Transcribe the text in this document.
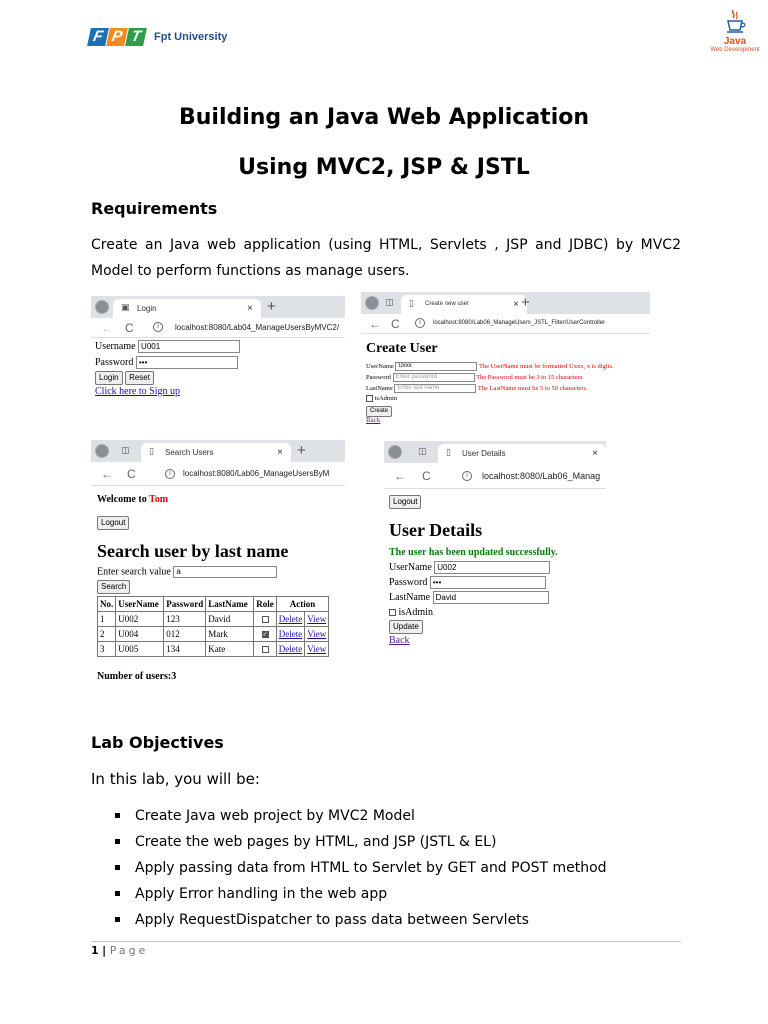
F P T	Fpt University	Java
Web Development
Building an Java Web Application
Using MVC2, JSP & JSTL
Requirements

Create an Java web application (using HTML, Servlets , JSP and JDBC) by MVC2 Model to perform functions as manage users.

▣ Login	× +
← C	i	localhost:8080/Lab04_ManageUsersByMVC2/
Username U001
Password •••
Login Reset
Click here to Sign up
◫ ▯	Create new user	× +
← C	i	localhost:8080/Lab06_ManageUsers_JSTL_Filter/UserController
Create User
UserName Uxxx	The UserName must be formatted Uxxx, x is digits.
Password Enter password	The Password must be 3 to 15 characters.
LastName Enter last name	The LastName must be 5 to 50 characters.
isAdmin
Create
Back
◫ ▯	Search Users	× +
← C	i	localhost:8080/Lab06_ManageUsersByM
Welcome to Tom
Logout
Search user by last name
Enter search value a
Search
No.	UserName	Password	LastName	Role	Action	
1	U002	123	David		Delete	View
2	U004	012	Mark	✓	Delete	View
3	U005	134	Kate		Delete	View
Number of users:3
◫ ▯	User Details	×
← C	i	localhost:8080/Lab06_Manag
Logout
User Details
The user has been updated successfully.
UserName U002
Password •••
LastName David
isAdmin
Update
Back
Lab Objectives

In this lab, you will be:

Create Java web project by MVC2 Model
Create the web pages by HTML, and JSP (JSTL & EL)
Apply passing data from HTML to Servlet by GET and POST method
Apply Error handling in the web app
Apply RequestDispatcher to pass data between Servlets
1 | Page
